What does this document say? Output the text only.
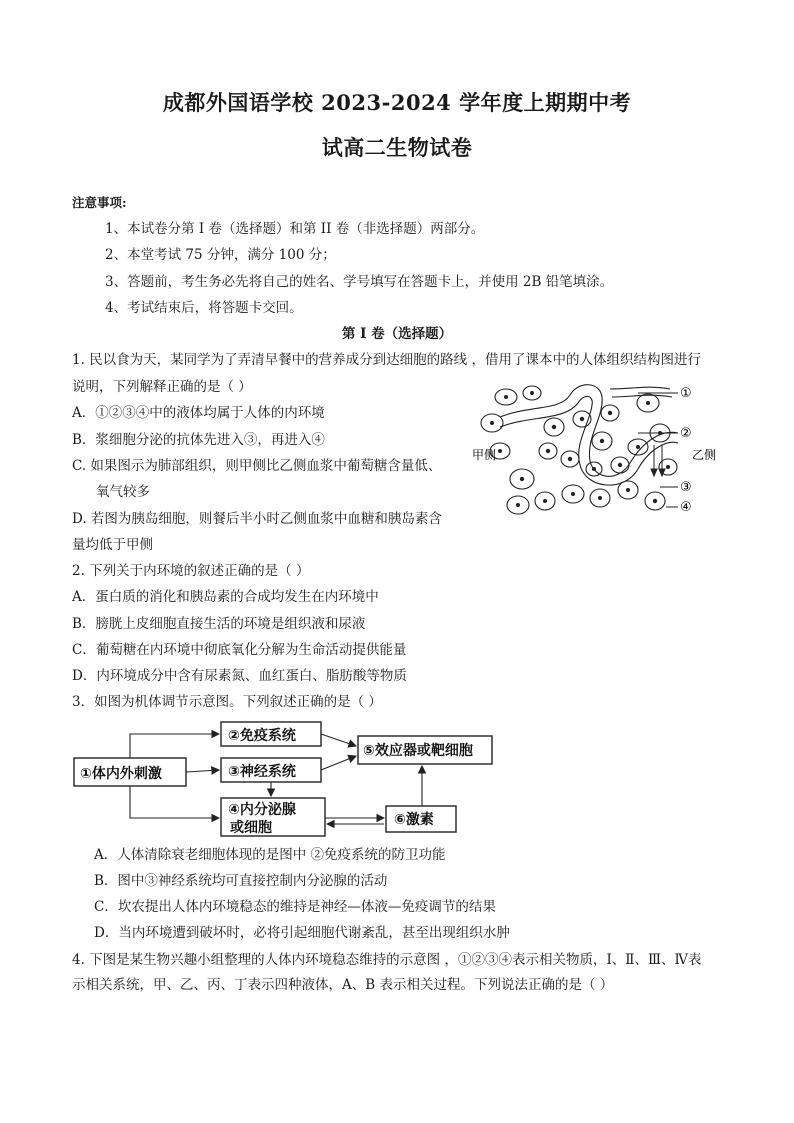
成都外国语学校 2023-2024 学年度上期期中考
试高二生物试卷
注意事项:
1、本试卷分第 I 卷（选择题）和第 II 卷（非选择题）两部分。
2、本堂考试 75 分钟，满分 100 分；
3、答题前，考生务必先将自己的姓名、学号填写在答题卡上，并使用 2B 铅笔填涂。
4、考试结束后，将答题卡交回。
第 I 卷（选择题）
1. 民以食为天，某同学为了弄清早餐中的营养成分到达细胞的路线 ，借用了课本中的人体组织结构图进行
说明，下列解释正确的是（ ）
A．①②③④中的液体均属于人体的内环境
B．浆细胞分泌的抗体先进入③，再进入④
C. 如果图示为肺部组织，则甲侧比乙侧血浆中葡萄糖含量低、
氧气较多
D. 若图为胰岛细胞，则餐后半小时乙侧血浆中血糖和胰岛素含
量均低于甲侧
甲侧	乙侧
①
②
③
④
2. 下列关于内环境的叙述正确的是（ ）
A．蛋白质的消化和胰岛素的合成均发生在内环境中
B．膀胱上皮细胞直接生活的环境是组织液和尿液
C．葡萄糖在内环境中彻底氧化分解为生命活动提供能量
D．内环境成分中含有尿素氮、血红蛋白、脂肪酸等物质
3．如图为机体调节示意图。下列叙述正确的是（ ）
①体内外刺激
②免疫系统
③神经系统
④内分泌腺
或细胞
⑤效应器或靶细胞
⑥激素
A．人体清除衰老细胞体现的是图中 ②免疫系统的防卫功能
B．图中③神经系统均可直接控制内分泌腺的活动
C．坎农提出人体内环境稳态的维持是神经—体液—免疫调节的结果
D．当内环境遭到破坏时，必将引起细胞代谢紊乱，甚至出现组织水肿
4. 下图是某生物兴趣小组整理的人体内环境稳态维持的示意图 ，①②③④表示相关物质，Ⅰ、Ⅱ、Ⅲ、Ⅳ表
示相关系统，甲、乙、丙、丁表示四种液体，A、B 表示相关过程。下列说法正确的是（ ）
